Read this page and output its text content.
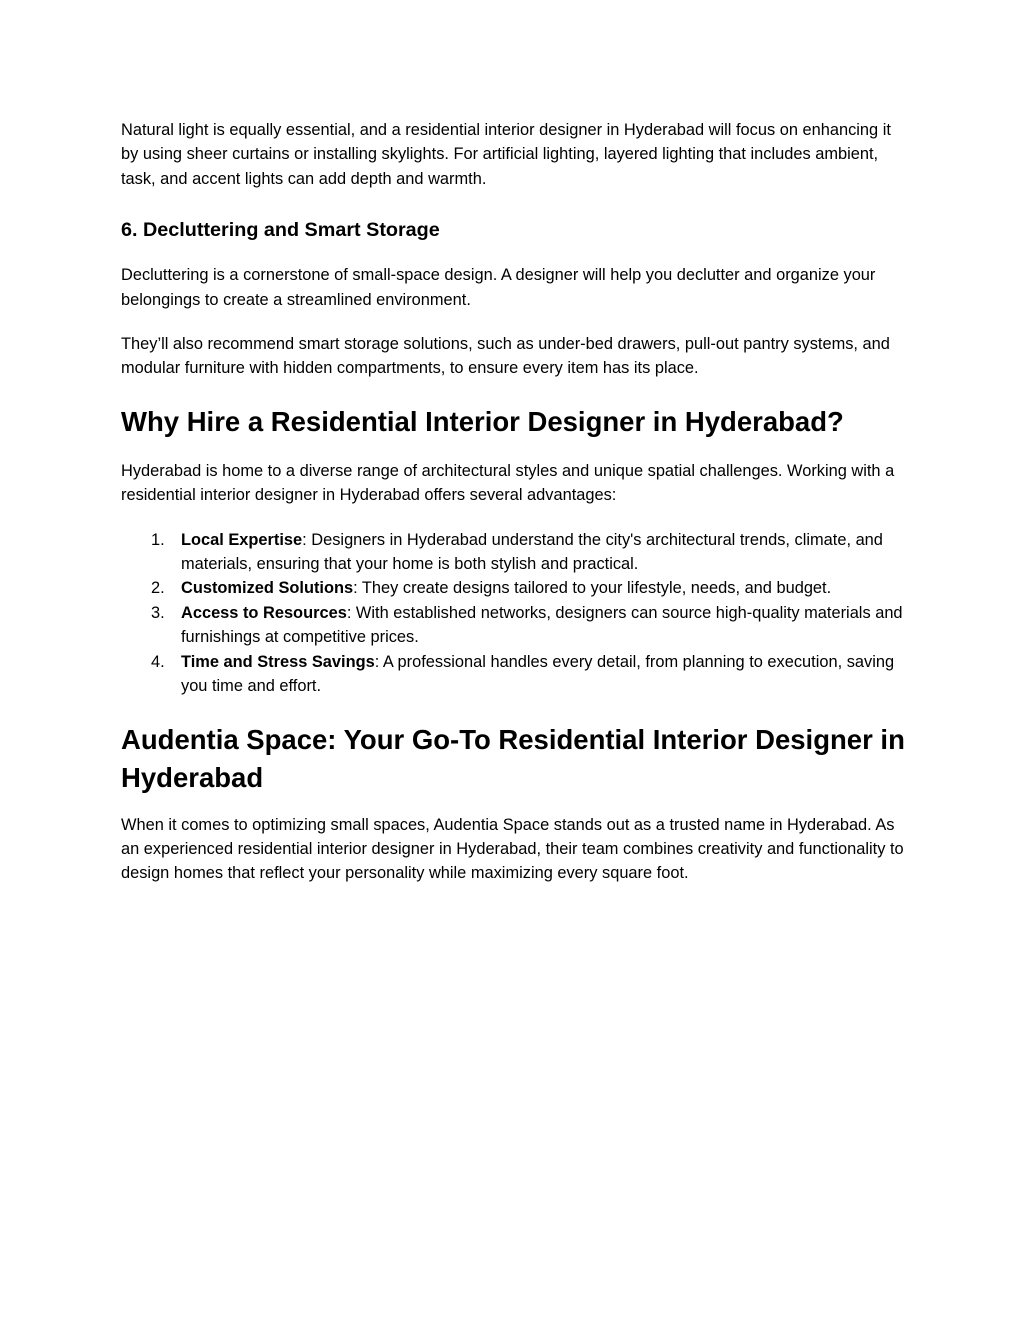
Natural light is equally essential, and a residential interior designer in Hyderabad will focus on enhancing it by using sheer curtains or installing skylights. For artificial lighting, layered lighting that includes ambient, task, and accent lights can add depth and warmth.

6. Decluttering and Smart Storage

Decluttering is a cornerstone of small-space design. A designer will help you declutter and organize your belongings to create a streamlined environment.

They’ll also recommend smart storage solutions, such as under-bed drawers, pull-out pantry systems, and modular furniture with hidden compartments, to ensure every item has its place.

Why Hire a Residential Interior Designer in Hyderabad?

Hyderabad is home to a diverse range of architectural styles and unique spatial challenges. Working with a residential interior designer in Hyderabad offers several advantages:

1. Local Expertise: Designers in Hyderabad understand the city's architectural trends, climate, and materials, ensuring that your home is both stylish and practical.
2. Customized Solutions: They create designs tailored to your lifestyle, needs, and budget.
3. Access to Resources: With established networks, designers can source high-quality materials and furnishings at competitive prices.
4. Time and Stress Savings: A professional handles every detail, from planning to execution, saving you time and effort.
Audentia Space: Your Go-To Residential Interior Designer in Hyderabad

When it comes to optimizing small spaces, Audentia Space stands out as a trusted name in Hyderabad. As an experienced residential interior designer in Hyderabad, their team combines creativity and functionality to design homes that reflect your personality while maximizing every square foot.
